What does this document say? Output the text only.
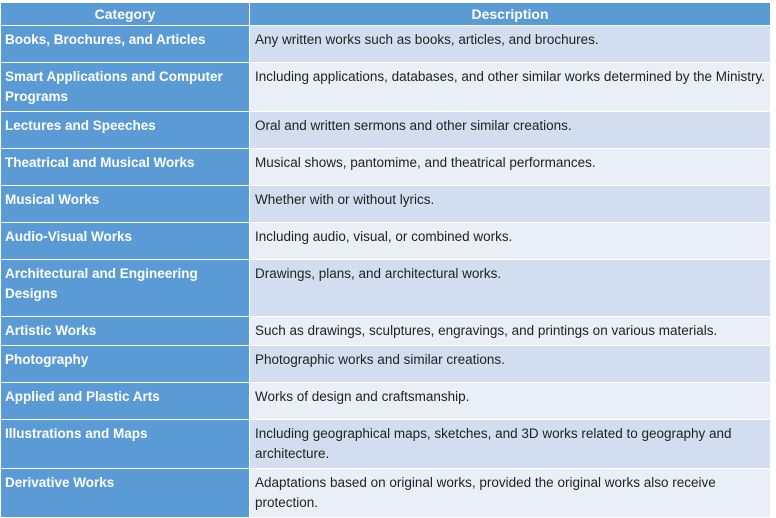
Category	Description
Books, Brochures, and Articles	Any written works such as books, articles, and brochures.
Smart Applications and Computer Programs	Including applications, databases, and other similar works determined by the Ministry.
Lectures and Speeches	Oral and written sermons and other similar creations.
Theatrical and Musical Works	Musical shows, pantomime, and theatrical performances.
Musical Works	Whether with or without lyrics.
Audio-Visual Works	Including audio, visual, or combined works.
Architectural and Engineering Designs	Drawings, plans, and architectural works.
Artistic Works	Such as drawings, sculptures, engravings, and printings on various materials.
Photography	Photographic works and similar creations.
Applied and Plastic Arts	Works of design and craftsmanship.
Illustrations and Maps	Including geographical maps, sketches, and 3D works related to geography and architecture.
Derivative Works	Adaptations based on original works, provided the original works also receive protection.
